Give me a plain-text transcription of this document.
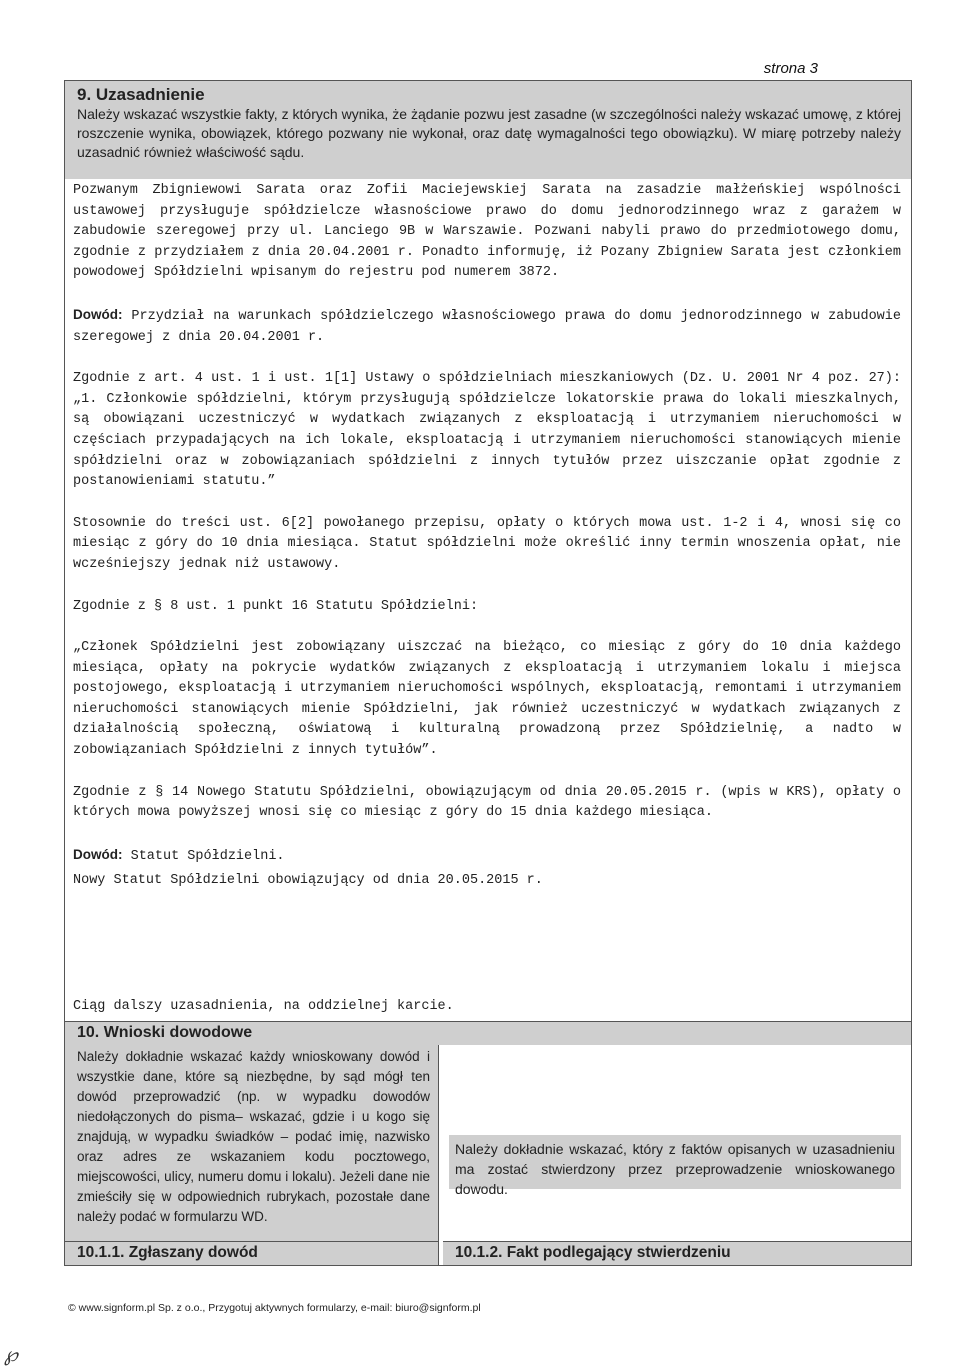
strona 3
9. Uzasadnienie
Należy wskazać wszystkie fakty, z których wynika, że żądanie pozwu jest zasadne (w szczególności należy wskazać umowę, z której roszczenie wynika, obowiązek, którego pozwany nie wykonał, oraz datę wymagalności tego obowiązku). W miarę potrzeby należy uzasadnić również właściwość sądu.

Pozwanym Zbigniewowi Sarata oraz Zofii Maciejewskiej Sarata na zasadzie małżeńskiej wspólności ustawowej przysługuje spółdzielcze własnościowe prawo do domu jednorodzinnego wraz z garażem w zabudowie szeregowej przy ul. Lanciego 9B w Warszawie. Pozwani nabyli prawo do przedmiotowego domu, zgodnie z przydziałem z dnia 20.04.2001 r. Ponadto informuję, iż Pozany Zbigniew Sarata jest członkiem powodowej Spółdzielni wpisanym do rejestru pod numerem 3872.

Dowód: Przydział na warunkach spółdzielczego własnościowego prawa do domu jednorodzinnego w zabudowie szeregowej z dnia 20.04.2001 r.

Zgodnie z art. 4 ust. 1 i ust. 1[1] Ustawy o spółdzielniach mieszkaniowych (Dz. U. 2001 Nr 4 poz. 27): „1. Członkowie spółdzielni, którym przysługują spółdzielcze lokatorskie prawa do lokali mieszkalnych, są obowiązani uczestniczyć w wydatkach związanych z eksploatacją i utrzymaniem nieruchomości w częściach przypadających na ich lokale, eksploatacją i utrzymaniem nieruchomości stanowiących mienie spółdzielni oraz w zobowiązaniach spółdzielni z innych tytułów przez uiszczanie opłat zgodnie z postanowieniami statutu.”

Stosownie do treści ust. 6[2] powołanego przepisu, opłaty o których mowa ust. 1-2 i 4, wnosi się co miesiąc z góry do 10 dnia miesiąca. Statut spółdzielni może określić inny termin wnoszenia opłat, nie wcześniejszy jednak niż ustawowy.

Zgodnie z § 8 ust. 1 punkt 16 Statutu Spółdzielni:

„Członek Spółdzielni jest zobowiązany uiszczać na bieżąco, co miesiąc z góry do 10 dnia każdego miesiąca, opłaty na pokrycie wydatków związanych z eksploatacją i utrzymaniem lokalu i miejsca postojowego, eksploatacją i utrzymaniem nieruchomości wspólnych, eksploatacją, remontami i utrzymaniem nieruchomości stanowiących mienie Spółdzielni, jak również uczestniczyć w wydatkach związanych z działalnością społeczną, oświatową i kulturalną prowadzoną przez Spółdzielnię, a nadto w zobowiązaniach Spółdzielni z innych tytułów”.

Zgodnie z § 14 Nowego Statutu Spółdzielni, obowiązującym od dnia 20.05.2015 r. (wpis w KRS), opłaty o których mowa powyższej wnosi się co miesiąc z góry do 15 dnia każdego miesiąca.

Dowód: Statut Spółdzielni.

Nowy Statut Spółdzielni obowiązujący od dnia 20.05.2015 r.

Ciąg dalszy uzasadnienia, na oddzielnej karcie.
10. Wnioski dowodowe
Należy dokładnie wskazać każdy wnioskowany dowód i wszystkie dane, które są niezbędne, by sąd mógł ten dowód przeprowadzić (np. w wypadku dowodów niedołączonych do pisma– wskazać, gdzie i u kogo się znajdują, w wypadku świadków – podać imię, nazwisko oraz adres ze wskazaniem kodu pocztowego, miejscowości, ulicy, numeru domu i lokalu). Jeżeli dane nie zmieściły się w odpowiednich rubrykach, pozostałe dane należy podać w formularzu WD.
Należy dokładnie wskazać, który z faktów opisanych w uzasadnieniu ma zostać stwierdzony przez przeprowadzenie wnioskowanego dowodu.
10.1.1. Zgłaszany dowód	10.1.2. Fakt podlegający stwierdzeniu
© www.signform.pl Sp. z o.o., Przygotuj aktywnych formularzy, e-mail: biuro@signform.pl
℘
